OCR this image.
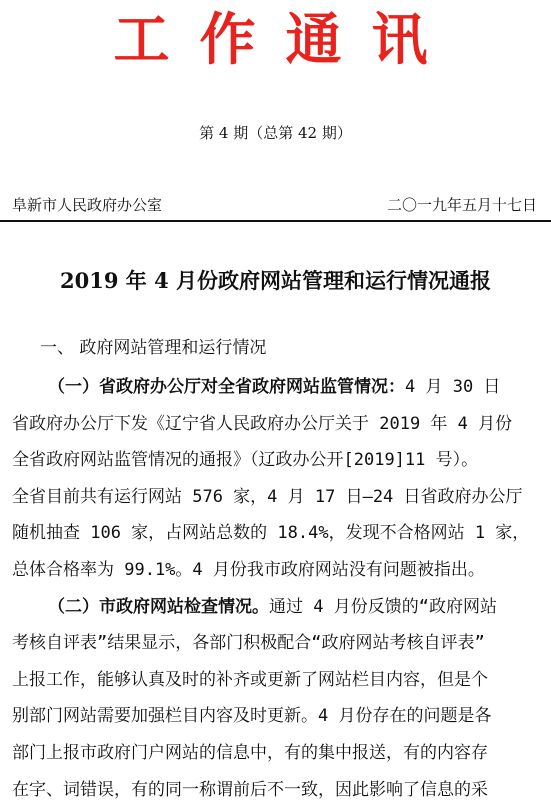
工作通讯
第 4 期（总第 42 期）
阜新市人民政府办公室	二〇一九年五月十七日
2019 年 4 月份政府网站管理和运行情况通报
一、 政府网站管理和运行情况

（一）省政府办公厅对全省政府网站监管情况：4 月 30 日
省政府办公厅下发《辽宁省人民政府办公厅关于 2019 年 4 月份
全省政府网站监管情况的通报》（辽政办公开[2019]11 号）。
全省目前共有运行网站 576 家，4 月 17 日—24 日省政府办公厅
随机抽查 106 家，占网站总数的 18.4%，发现不合格网站 1 家，
总体合格率为 99.1%。4 月份我市政府网站没有问题被指出。

（二）市政府网站检查情况。通过 4 月份反馈的“政府网站
考核自评表”结果显示，各部门积极配合“政府网站考核自评表”
上报工作，能够认真及时的补齐或更新了网站栏目内容，但是个
别部门网站需要加强栏目内容及时更新。4 月份存在的问题是各
部门上报市政府门户网站的信息中，有的集中报送，有的内容存
在字、词错误，有的同一称谓前后不一致，因此影响了信息的采
